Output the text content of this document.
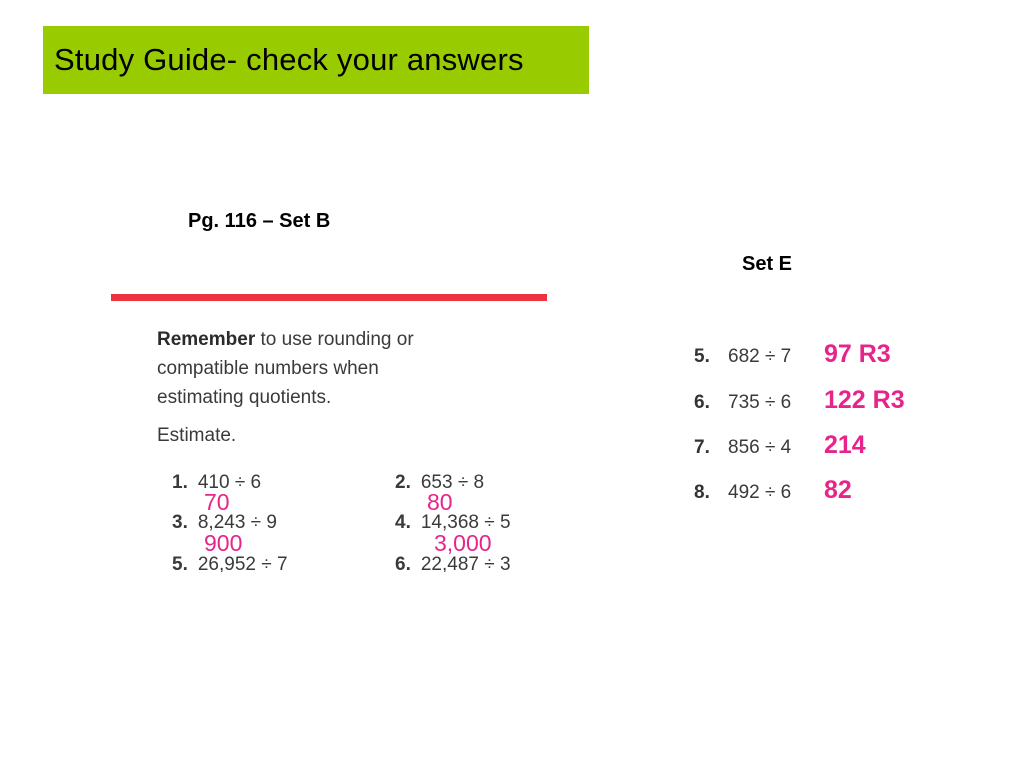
Study Guide- check your answers
Pg. 116 – Set B
Set E
Remember to use rounding or
compatible numbers when
estimating quotients.
Estimate.
1. 410 ÷ 6
70
2. 653 ÷ 8
80
3. 8,243 ÷ 9
900
4. 14,368 ÷ 5
3,000
5. 26,952 ÷ 7	6. 22,487 ÷ 3
5. 682 ÷ 7 97 R3
6. 735 ÷ 6 122 R3
7. 856 ÷ 4 214
8. 492 ÷ 6 82
